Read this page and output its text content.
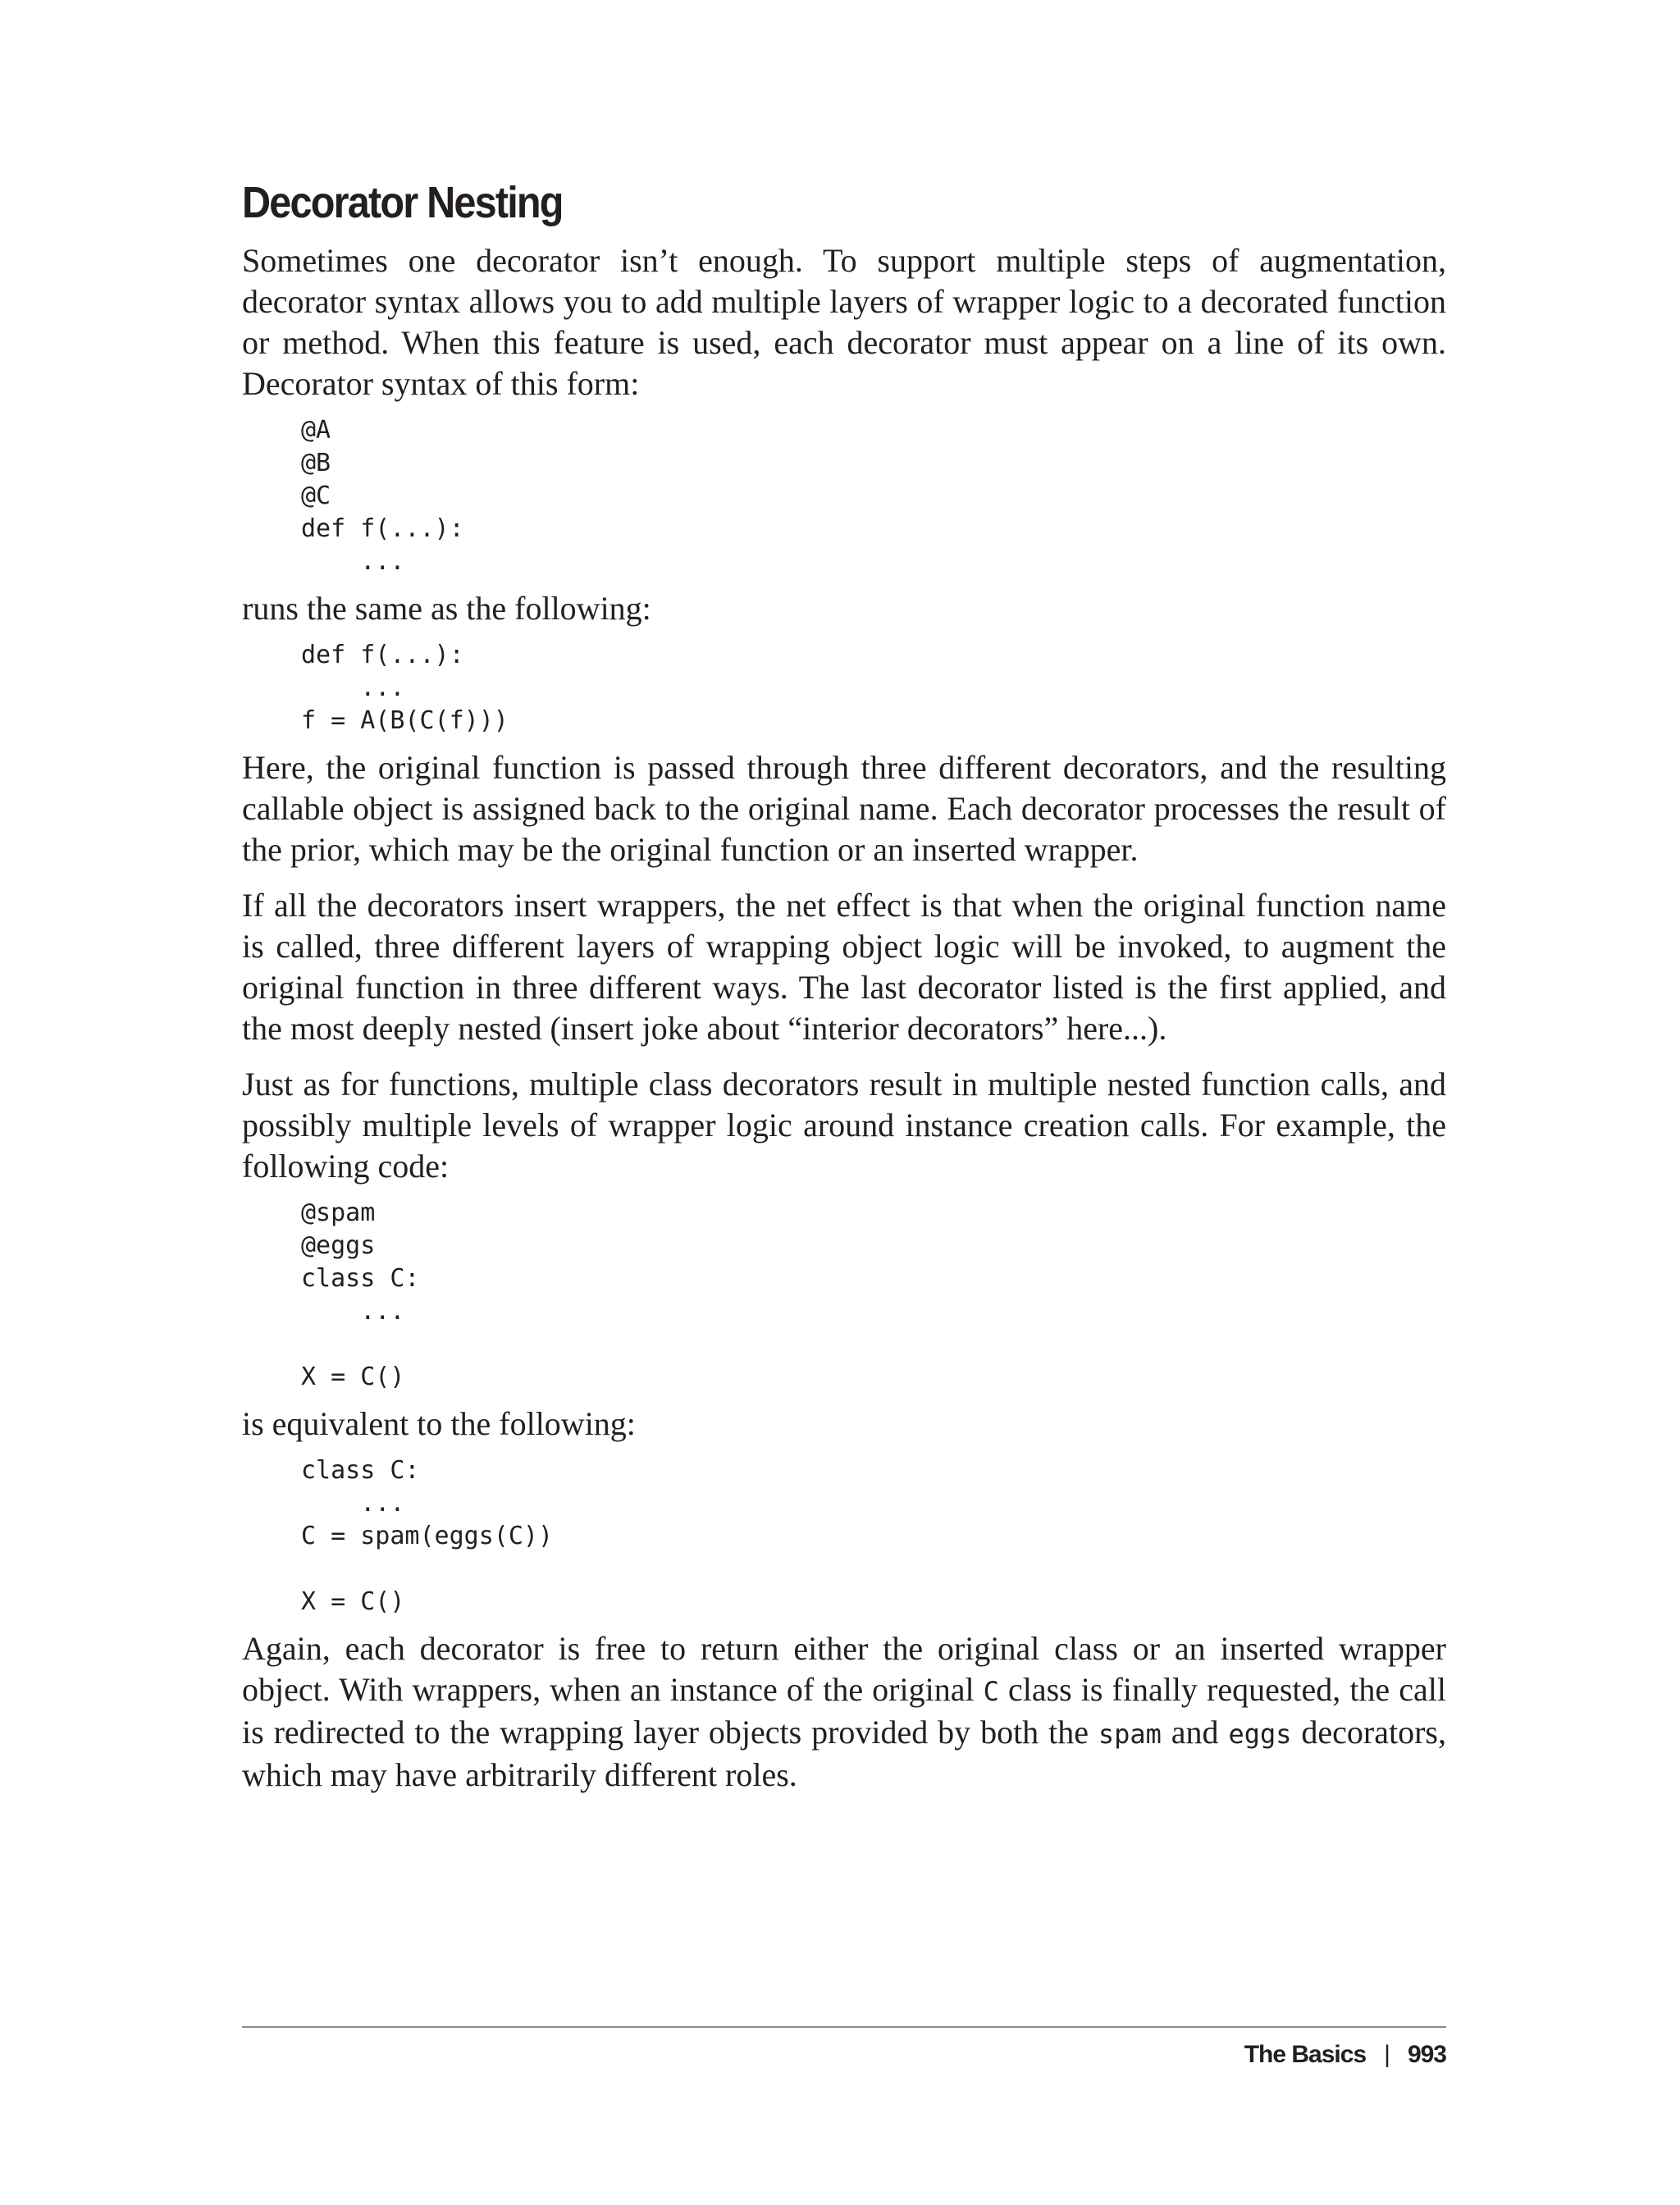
Decorator Nesting

Sometimes one decorator isn’t enough. To support multiple steps of augmentation, decorator syntax allows you to add multiple layers of wrapper logic to a decorated function or method. When this feature is used, each decorator must appear on a line of its own. Decorator syntax of this form:

@A
@B
@C
def f(...):
...

runs the same as the following:

def f(...):
...
f = A(B(C(f)))

Here, the original function is passed through three different decorators, and the resulting callable object is assigned back to the original name. Each decorator processes the result of the prior, which may be the original function or an inserted wrapper.

If all the decorators insert wrappers, the net effect is that when the original function name is called, three different layers of wrapping object logic will be invoked, to augment the original function in three different ways. The last decorator listed is the first applied, and the most deeply nested (insert joke about “interior decorators” here...).

Just as for functions, multiple class decorators result in multiple nested function calls, and possibly multiple levels of wrapper logic around instance creation calls. For example, the following code:

@spam
@eggs
class C:
...

X = C()

is equivalent to the following:

class C:
...
C = spam(eggs(C))

X = C()

Again, each decorator is free to return either the original class or an inserted wrapper object. With wrappers, when an instance of the original C class is finally requested, the call is redirected to the wrapping layer objects provided by both the spam and eggs decorators, which may have arbitrarily different roles.

The Basics | 993
